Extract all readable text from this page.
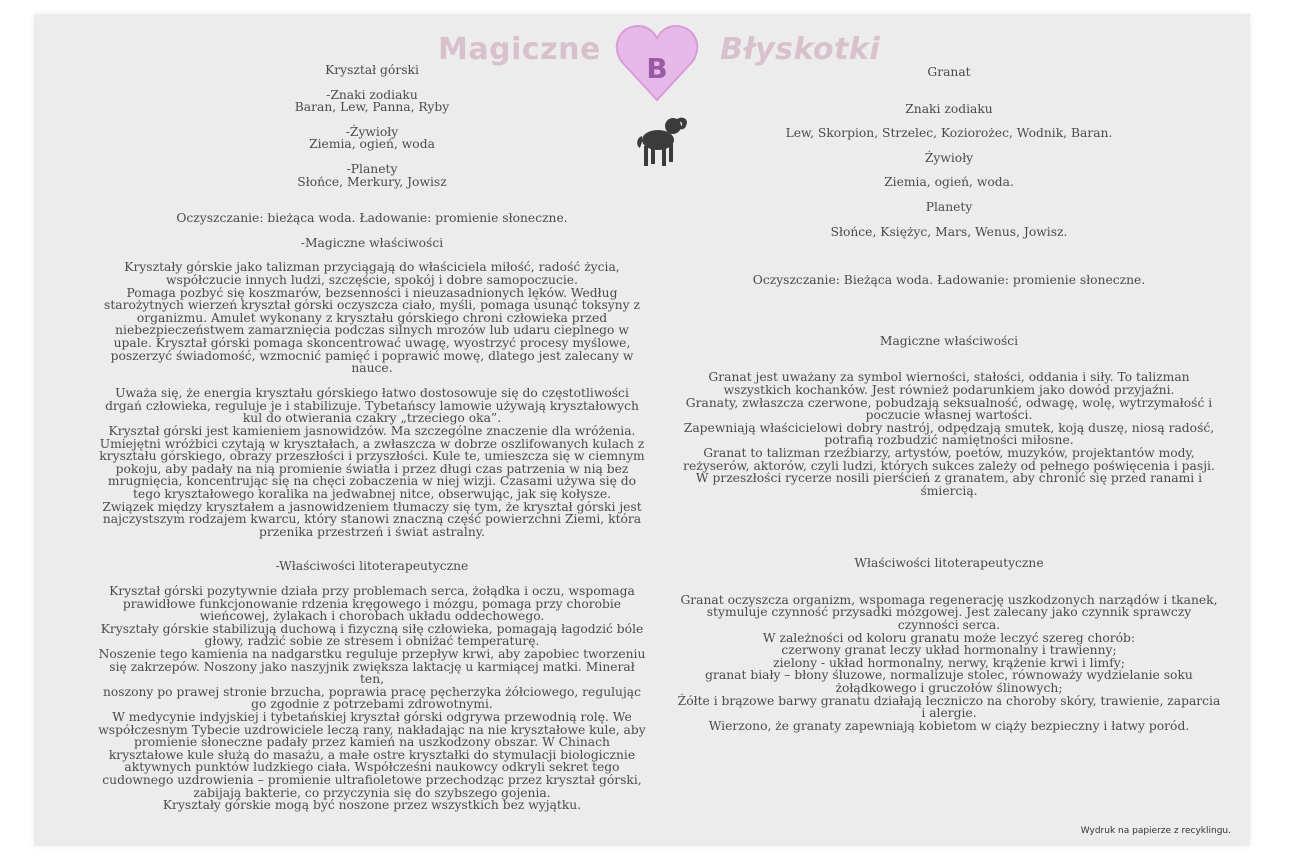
Magiczne
B
Błyskotki

Kryształ górski

-Znaki zodiaku

Baran, Lew, Panna, Ryby

-Żywioły

Ziemia, ogień, woda

-Planety

Słońce, Merkury, Jowisz

Oczyszczanie: bieżąca woda. Ładowanie: promienie słoneczne.

-Magiczne właściwości

Kryształy górskie jako talizman przyciągają do właściciela miłość, radość życia,

współczucie innych ludzi, szczęście, spokój i dobre samopoczucie.

Pomaga pozbyć się koszmarów, bezsenności i nieuzasadnionych lęków. Według

starożytnych wierzeń kryształ górski oczyszcza ciało, myśli, pomaga usunąć toksyny z

organizmu. Amulet wykonany z kryształu górskiego chroni człowieka przed

niebezpieczeństwem zamarznięcia podczas silnych mrozów lub udaru cieplnego w

upale. Kryształ górski pomaga skoncentrować uwagę, wyostrzyć procesy myślowe,

poszerzyć świadomość, wzmocnić pamięć i poprawić mowę, dlatego jest zalecany w

nauce.

Uważa się, że energia kryształu górskiego łatwo dostosowuje się do częstotliwości

drgań człowieka, reguluje je i stabilizuje. Tybetańscy lamowie używają kryształowych

kul do otwierania czakry „trzeciego oka”.

Kryształ górski jest kamieniem jasnowidzów. Ma szczególne znaczenie dla wróżenia.

Umiejętni wróżbici czytają w kryształach, a zwłaszcza w dobrze oszlifowanych kulach z

kryształu górskiego, obrazy przeszłości i przyszłości. Kule te, umieszcza się w ciemnym

pokoju, aby padały na nią promienie światła i przez długi czas patrzenia w nią bez

mrugnięcia, koncentrując się na chęci zobaczenia w niej wizji. Czasami używa się do

tego kryształowego koralika na jedwabnej nitce, obserwując, jak się kołysze.

Związek między kryształem a jasnowidzeniem tłumaczy się tym, że kryształ górski jest

najczystszym rodzajem kwarcu, który stanowi znaczną część powierzchni Ziemi, która

przenika przestrzeń i świat astralny.

-Właściwości litoterapeutyczne

Kryształ górski pozytywnie działa przy problemach serca, żołądka i oczu, wspomaga

prawidłowe funkcjonowanie rdzenia kręgowego i mózgu, pomaga przy chorobie

wieńcowej, żylakach i chorobach układu oddechowego.

Kryształy górskie stabilizują duchową i fizyczną siłę człowieka, pomagają łagodzić bóle

głowy, radzić sobie ze stresem i obniżać temperaturę.

Noszenie tego kamienia na nadgarstku reguluje przepływ krwi, aby zapobiec tworzeniu

się zakrzepów. Noszony jako naszyjnik zwiększa laktację u karmiącej matki. Minerał ten,

noszony po prawej stronie brzucha, poprawia pracę pęcherzyka żółciowego, regulując

go zgodnie z potrzebami zdrowotnymi.

W medycynie indyjskiej i tybetańskiej kryształ górski odgrywa przewodnią rolę. We

współczesnym Tybecie uzdrowiciele leczą rany, nakładając na nie kryształowe kule, aby

promienie słoneczne padały przez kamień na uszkodzony obszar. W Chinach

kryształowe kule służą do masażu, a małe ostre kryształki do stymulacji biologicznie

aktywnych punktów ludzkiego ciała. Współcześni naukowcy odkryli sekret tego

cudownego uzdrowienia – promienie ultrafioletowe przechodząc przez kryształ górski,

zabijają bakterie, co przyczynia się do szybszego gojenia.

Kryształy górskie mogą być noszone przez wszystkich bez wyjątku.

Granat

Znaki zodiaku

Lew, Skorpion, Strzelec, Koziorożec, Wodnik, Baran.

Żywioły

Ziemia, ogień, woda.

Planety

Słońce, Księżyc, Mars, Wenus, Jowisz.

Oczyszczanie: Bieżąca woda. Ładowanie: promienie słoneczne.

Magiczne właściwości

Granat jest uważany za symbol wierności, stałości, oddania i siły. To talizman

wszystkich kochanków. Jest również podarunkiem jako dowód przyjaźni.

Granaty, zwłaszcza czerwone, pobudzają seksualność, odwagę, wolę, wytrzymałość i

poczucie własnej wartości.

Zapewniają właścicielowi dobry nastrój, odpędzają smutek, koją duszę, niosą radość,

potrafią rozbudzić namiętności miłosne.

Granat to talizman rzeźbiarzy, artystów, poetów, muzyków, projektantów mody,

reżyserów, aktorów, czyli ludzi, których sukces zależy od pełnego poświęcenia i pasji.

W przeszłości rycerze nosili pierścień z granatem, aby chronić się przed ranami i

śmiercią.

Właściwości litoterapeutyczne

Granat oczyszcza organizm, wspomaga regenerację uszkodzonych narządów i tkanek,

stymuluje czynność przysadki mózgowej. Jest zalecany jako czynnik sprawczy

czynności serca.

W zależności od koloru granatu może leczyć szereg chorób:

czerwony granat leczy układ hormonalny i trawienny;

zielony - układ hormonalny, nerwy, krążenie krwi i limfy;

granat biały – błony śluzowe, normalizuje stolec, równoważy wydzielanie soku

żołądkowego i gruczołów ślinowych;

Żółte i brązowe barwy granatu działają leczniczo na choroby skóry, trawienie, zaparcia

i alergie.

Wierzono, że granaty zapewniają kobietom w ciąży bezpieczny i łatwy poród.

Wydruk na papierze z recyklingu.
